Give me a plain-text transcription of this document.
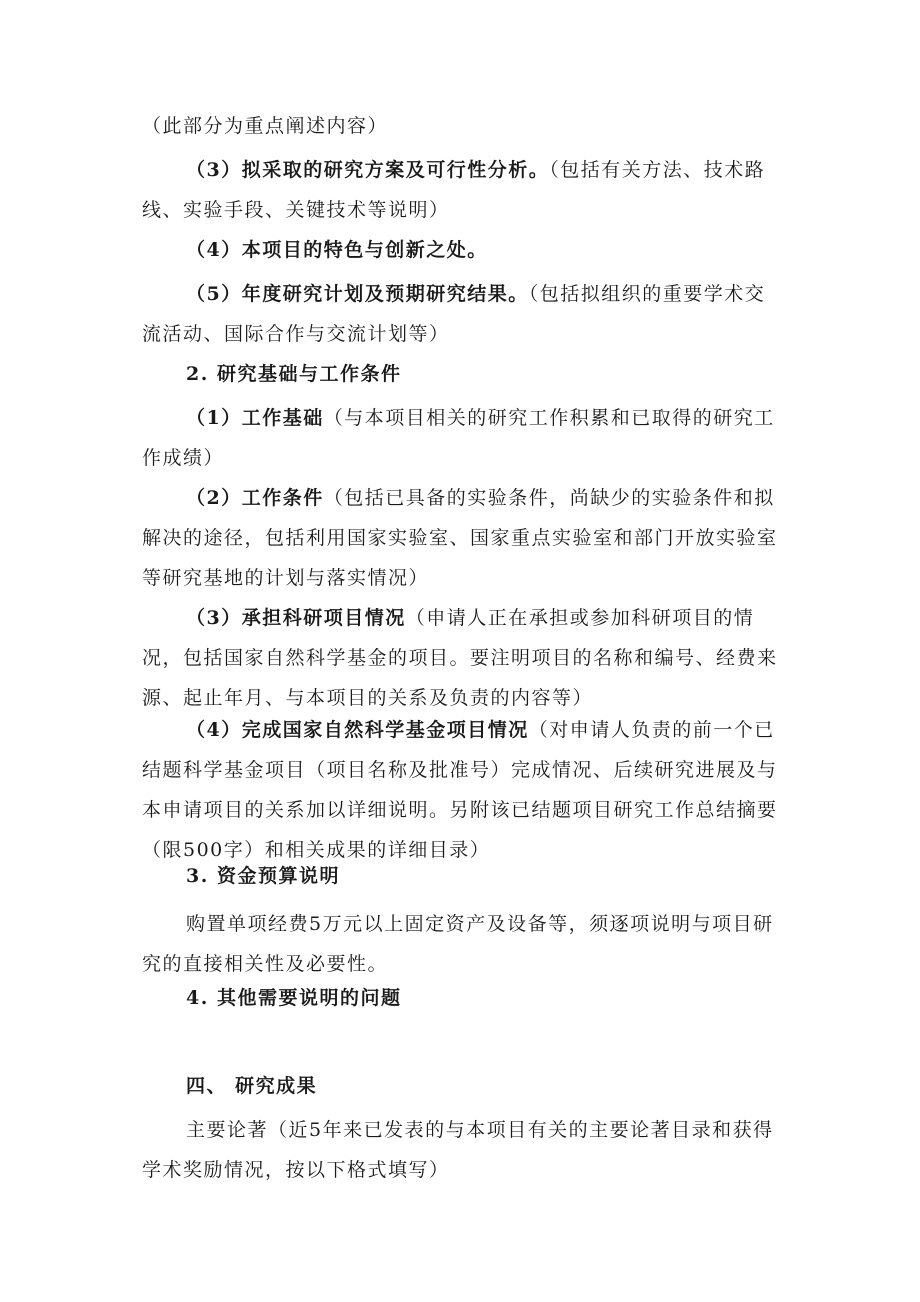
（此部分为重点阐述内容）

（3）拟采取的研究方案及可行性分析。（包括有关方法、技术路线、实验手段、关键技术等说明）

（4）本项目的特色与创新之处。

（5）年度研究计划及预期研究结果。（包括拟组织的重要学术交流活动、国际合作与交流计划等）

2. 研究基础与工作条件

（1）工作基础（与本项目相关的研究工作积累和已取得的研究工作成绩）

（2）工作条件（包括已具备的实验条件，尚缺少的实验条件和拟解决的途径，包括利用国家实验室、国家重点实验室和部门开放实验室等研究基地的计划与落实情况）

（3）承担科研项目情况（申请人正在承担或参加科研项目的情况，包括国家自然科学基金的项目。要注明项目的名称和编号、经费来源、起止年月、与本项目的关系及负责的内容等）

（4）完成国家自然科学基金项目情况（对申请人负责的前一个已结题科学基金项目（项目名称及批准号）完成情况、后续研究进展及与本申请项目的关系加以详细说明。另附该已结题项目研究工作总结摘要（限500字）和相关成果的详细目录）

3. 资金预算说明

购置单项经费5万元以上固定资产及设备等，须逐项说明与项目研究的直接相关性及必要性。

4. 其他需要说明的问题

四、 研究成果

主要论著（近5年来已发表的与本项目有关的主要论著目录和获得学术奖励情况，按以下格式填写）
